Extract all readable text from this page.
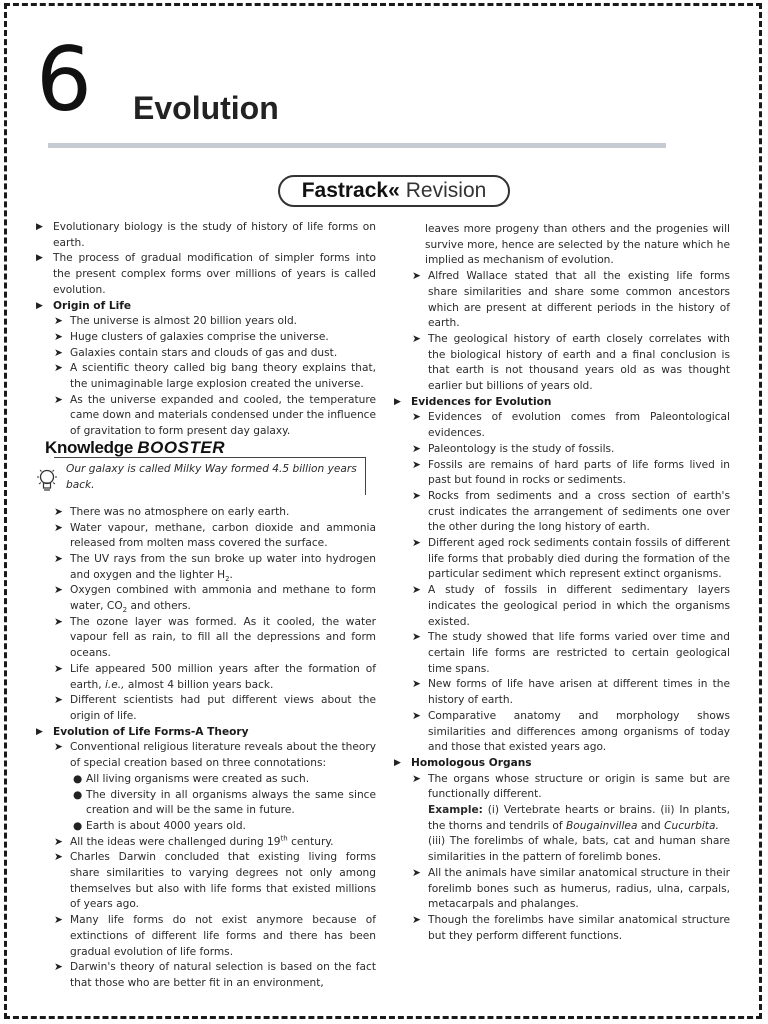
6 Evolution
Fastrack« Revision

▶ Evolutionary biology is the study of history of life forms on earth.

▶ The process of gradual modification of simpler forms into the present complex forms over millions of years is called evolution.

▶ Origin of Life

➤ The universe is almost 20 billion years old.

➤ Huge clusters of galaxies comprise the universe.

➤ Galaxies contain stars and clouds of gas and dust.

➤ A scientific theory called big bang theory explains that, the unimaginable large explosion created the universe.

➤ As the universe expanded and cooled, the temperature came down and materials condensed under the influence of gravitation to form present day galaxy.

Knowledge BOOSTER
Our galaxy is called Milky Way formed 4.5 billion years back.

➤ There was no atmosphere on early earth.

➤ Water vapour, methane, carbon dioxide and ammonia released from molten mass covered the surface.

➤ The UV rays from the sun broke up water into hydrogen and oxygen and the lighter $H_2$.

➤ Oxygen combined with ammonia and methane to form water, $CO_2$ and others.

➤ The ozone layer was formed. As it cooled, the water vapour fell as rain, to fill all the depressions and form oceans.

➤ Life appeared 500 million years after the formation of earth, i.e., almost 4 billion years back.

➤ Different scientists had put different views about the origin of life.

▶ Evolution of Life Forms-A Theory

➤ Conventional religious literature reveals about the theory of special creation based on three connotations:

● All living organisms were created as such.

● The diversity in all organisms always the same since creation and will be the same in future.

● Earth is about 4000 years old.

➤ All the ideas were challenged during 19th century.

➤ Charles Darwin concluded that existing living forms share similarities to varying degrees not only among themselves but also with life forms that existed millions of years ago.

➤ Many life forms do not exist anymore because of extinctions of different life forms and there has been gradual evolution of life forms.

➤ Darwin's theory of natural selection is based on the fact that those who are better fit in an environment,

leaves more progeny than others and the progenies will survive more, hence are selected by the nature which he implied as mechanism of evolution.

➤ Alfred Wallace stated that all the existing life forms share similarities and share some common ancestors which are present at different periods in the history of earth.

➤ The geological history of earth closely correlates with the biological history of earth and a final conclusion is that earth is not thousand years old as was thought earlier but billions of years old.

▶ Evidences for Evolution

➤ Evidences of evolution comes from Paleontological evidences.

➤ Paleontology is the study of fossils.

➤ Fossils are remains of hard parts of life forms lived in past but found in rocks or sediments.

➤ Rocks from sediments and a cross section of earth's crust indicates the arrangement of sediments one over the other during the long history of earth.

➤ Different aged rock sediments contain fossils of different life forms that probably died during the formation of the particular sediment which represent extinct organisms.

➤ A study of fossils in different sedimentary layers indicates the geological period in which the organisms existed.

➤ The study showed that life forms varied over time and certain life forms are restricted to certain geological time spans.

➤ New forms of life have arisen at different times in the history of earth.

➤ Comparative anatomy and morphology shows similarities and differences among organisms of today and those that existed years ago.

▶ Homologous Organs

➤ The organs whose structure or origin is same but are functionally different.

Example: (i) Vertebrate hearts or brains. (ii) In plants, the thorns and tendrils of Bougainvillea and Cucurbita.
(iii) The forelimbs of whale, bats, cat and human share similarities in the pattern of forelimb bones.

➤ All the animals have similar anatomical structure in their forelimb bones such as humerus, radius, ulna, carpals, metacarpals and phalanges.

➤ Though the forelimbs have similar anatomical structure but they perform different functions.
